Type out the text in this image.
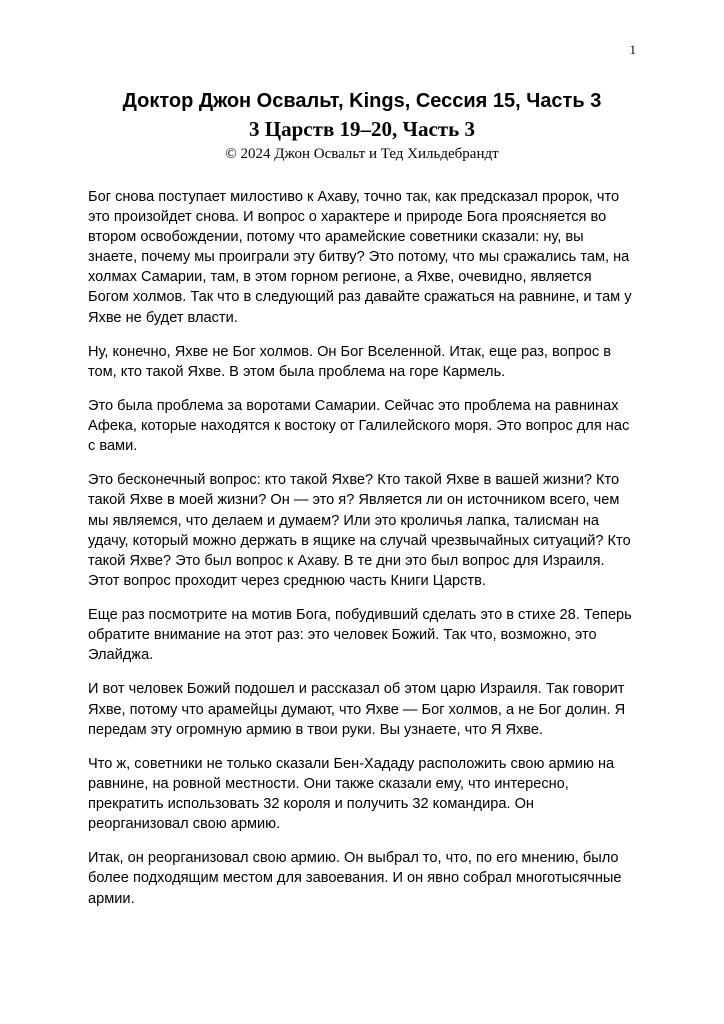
1
Доктор Джон Освальт, Kings, Сессия 15, Часть 3
3 Царств 19–20, Часть 3
© 2024 Джон Освальт и Тед Хильдебрандт

Бог снова поступает милостиво к Ахаву, точно так, как предсказал пророк, что это произойдет снова. И вопрос о характере и природе Бога проясняется во втором освобождении, потому что арамейские советники сказали: ну, вы знаете, почему мы проиграли эту битву? Это потому, что мы сражались там, на холмах Самарии, там, в этом горном регионе, а Яхве, очевидно, является Богом холмов. Так что в следующий раз давайте сражаться на равнине, и там у Яхве не будет власти.

Ну, конечно, Яхве не Бог холмов. Он Бог Вселенной. Итак, еще раз, вопрос в том, кто такой Яхве. В этом была проблема на горе Кармель.

Это была проблема за воротами Самарии. Сейчас это проблема на равнинах Афека, которые находятся к востоку от Галилейского моря. Это вопрос для нас с вами.

Это бесконечный вопрос: кто такой Яхве? Кто такой Яхве в вашей жизни? Кто такой Яхве в моей жизни? Он — это я? Является ли он источником всего, чем мы являемся, что делаем и думаем? Или это кроличья лапка, талисман на удачу, который можно держать в ящике на случай чрезвычайных ситуаций? Кто такой Яхве? Это был вопрос к Ахаву. В те дни это был вопрос для Израиля. Этот вопрос проходит через среднюю часть Книги Царств.

Еще раз посмотрите на мотив Бога, побудивший сделать это в стихе 28. Теперь обратите внимание на этот раз: это человек Божий. Так что, возможно, это Элайджа.

И вот человек Божий подошел и рассказал об этом царю Израиля. Так говорит Яхве, потому что арамейцы думают, что Яхве — Бог холмов, а не Бог долин. Я передам эту огромную армию в твои руки. Вы узнаете, что Я Яхве.

Что ж, советники не только сказали Бен-Хададу расположить свою армию на равнине, на ровной местности. Они также сказали ему, что интересно, прекратить использовать 32 короля и получить 32 командира. Он реорганизовал свою армию.

Итак, он реорганизовал свою армию. Он выбрал то, что, по его мнению, было более подходящим местом для завоевания. И он явно собрал многотысячные армии.
